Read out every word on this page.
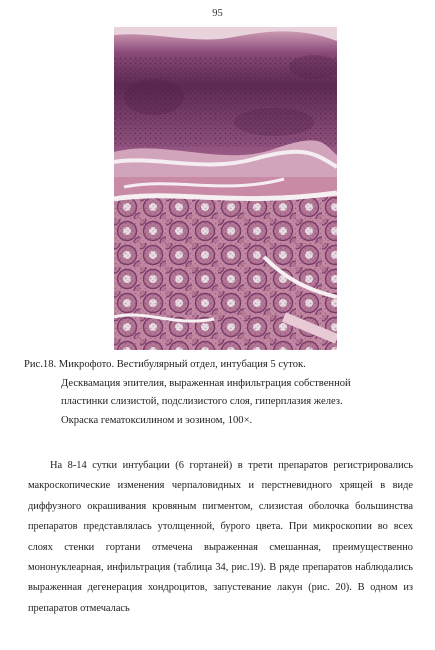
95
Рис.18. Микрофото. Вестибулярный отдел, интубация 5 суток.
Десквамация эпителия, выраженная инфильтрация собственной
пластинки слизистой, подслизистого слоя, гиперплазия желез.
Окраска гематоксилином и эозином, 100×.
На 8-14 сутки интубации (6 гортаней) в трети препаратов регистрировались макроскопические изменения черпаловидных и перстневидного хрящей в виде диффузного окрашивания кровяным пигментом, слизистая оболочка большинства препаратов представлялась утолщенной, бурого цвета. При микроскопии во всех слоях стенки гортани отмечена выраженная смешанная, преимущественно мононуклеарная, инфильтрация (таблица 34, рис.19). В ряде препаратов наблюдались выраженная дегенерация хондроцитов, запустевание лакун (рис. 20). В одном из препаратов отмечалась
